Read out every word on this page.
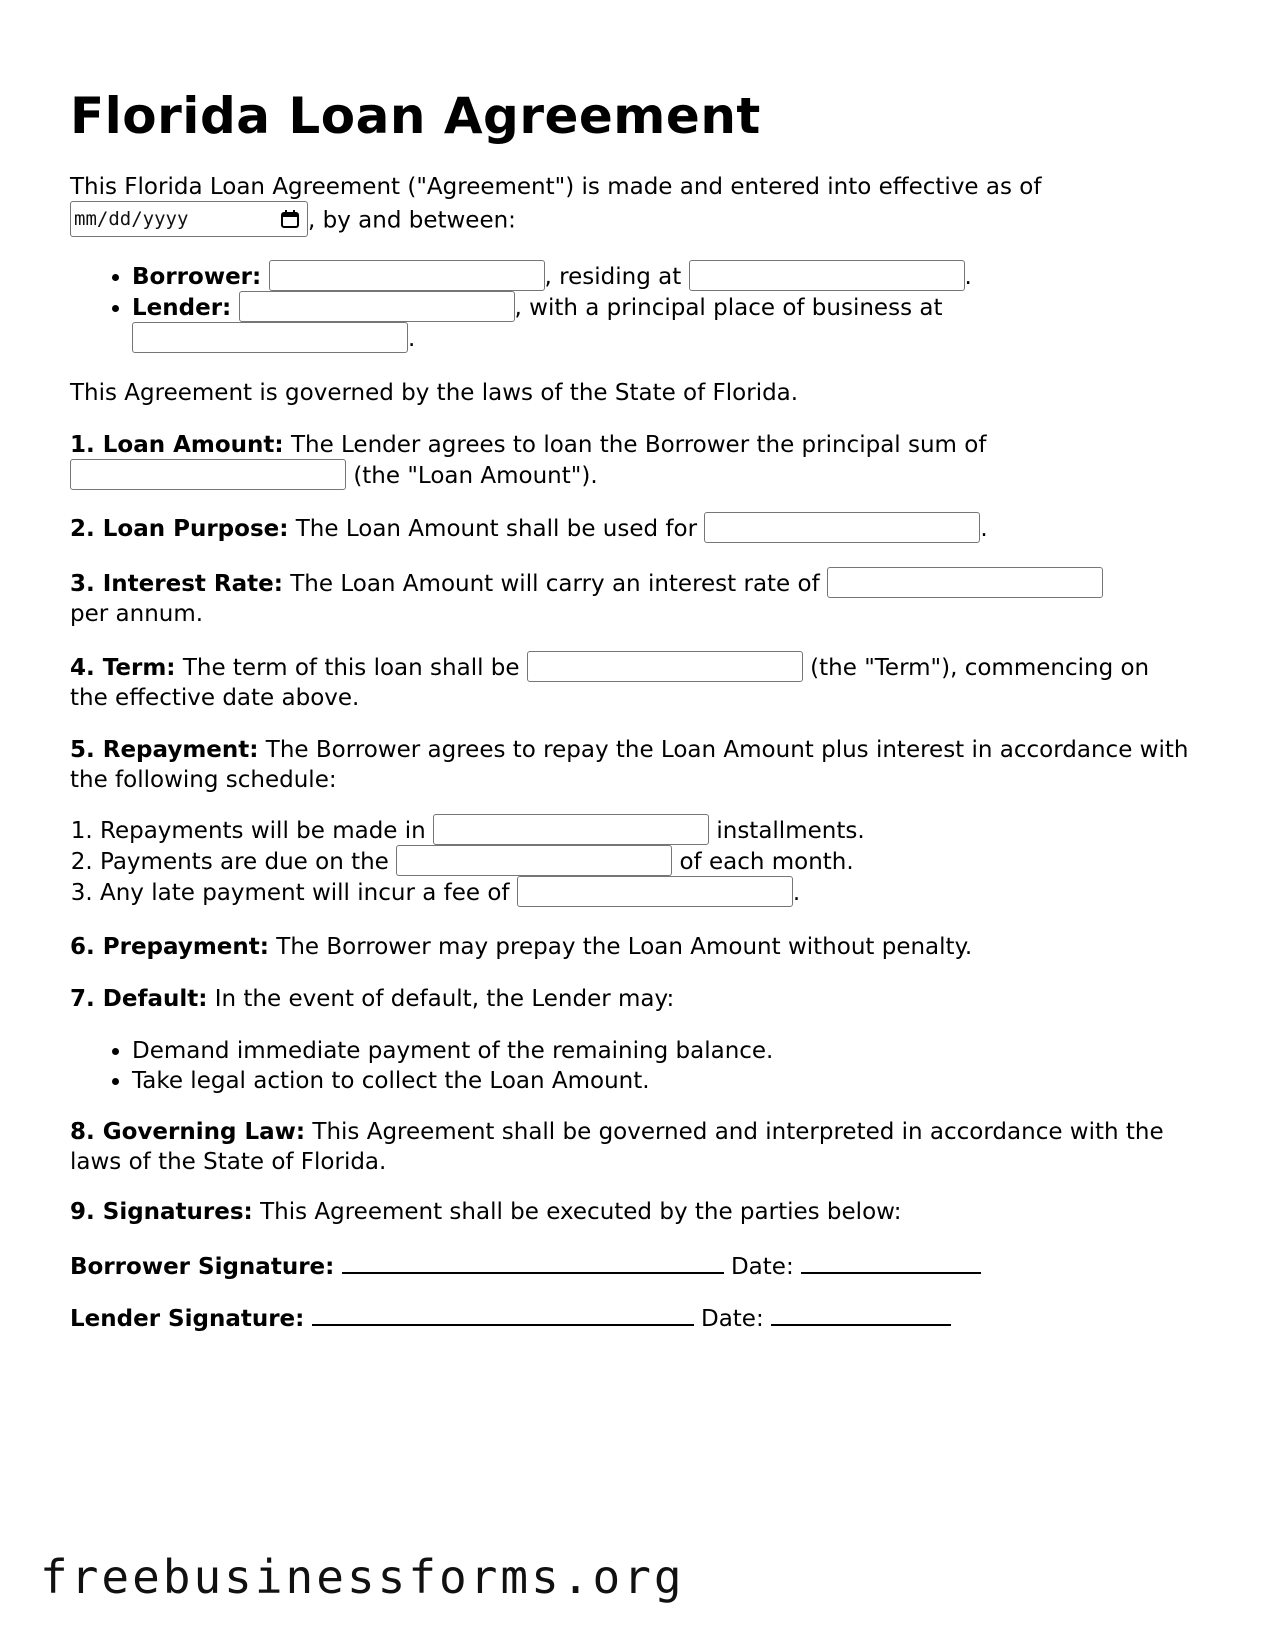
Florida Loan Agreement

This Florida Loan Agreement ("Agreement") is made and entered into effective as of

mm/dd/yyyy	, by and between:

• Borrower:	, residing at	.
• Lender:	, with a principal place of business at
.

This Agreement is governed by the laws of the State of Florida.

1. Loan Amount: The Lender agrees to loan the Borrower the principal sum of
(the "Loan Amount").

2. Loan Purpose: The Loan Amount shall be used for	.

3. Interest Rate: The Loan Amount will carry an interest rate of
per annum.

4. Term: The term of this loan shall be	(the "Term"), commencing on the effective date above.

5. Repayment: The Borrower agrees to repay the Loan Amount plus interest in accordance with the following schedule:

1. Repayments will be made in	installments.
2. Payments are due on the	of each month.
3. Any late payment will incur a fee of	.

6. Prepayment: The Borrower may prepay the Loan Amount without penalty.

7. Default: In the event of default, the Lender may:

• Demand immediate payment of the remaining balance.
• Take legal action to collect the Loan Amount.

8. Governing Law: This Agreement shall be governed and interpreted in accordance with the laws of the State of Florida.

9. Signatures: This Agreement shall be executed by the parties below:

Borrower Signature:	Date:

Lender Signature:	Date:

freebusinessforms.org
